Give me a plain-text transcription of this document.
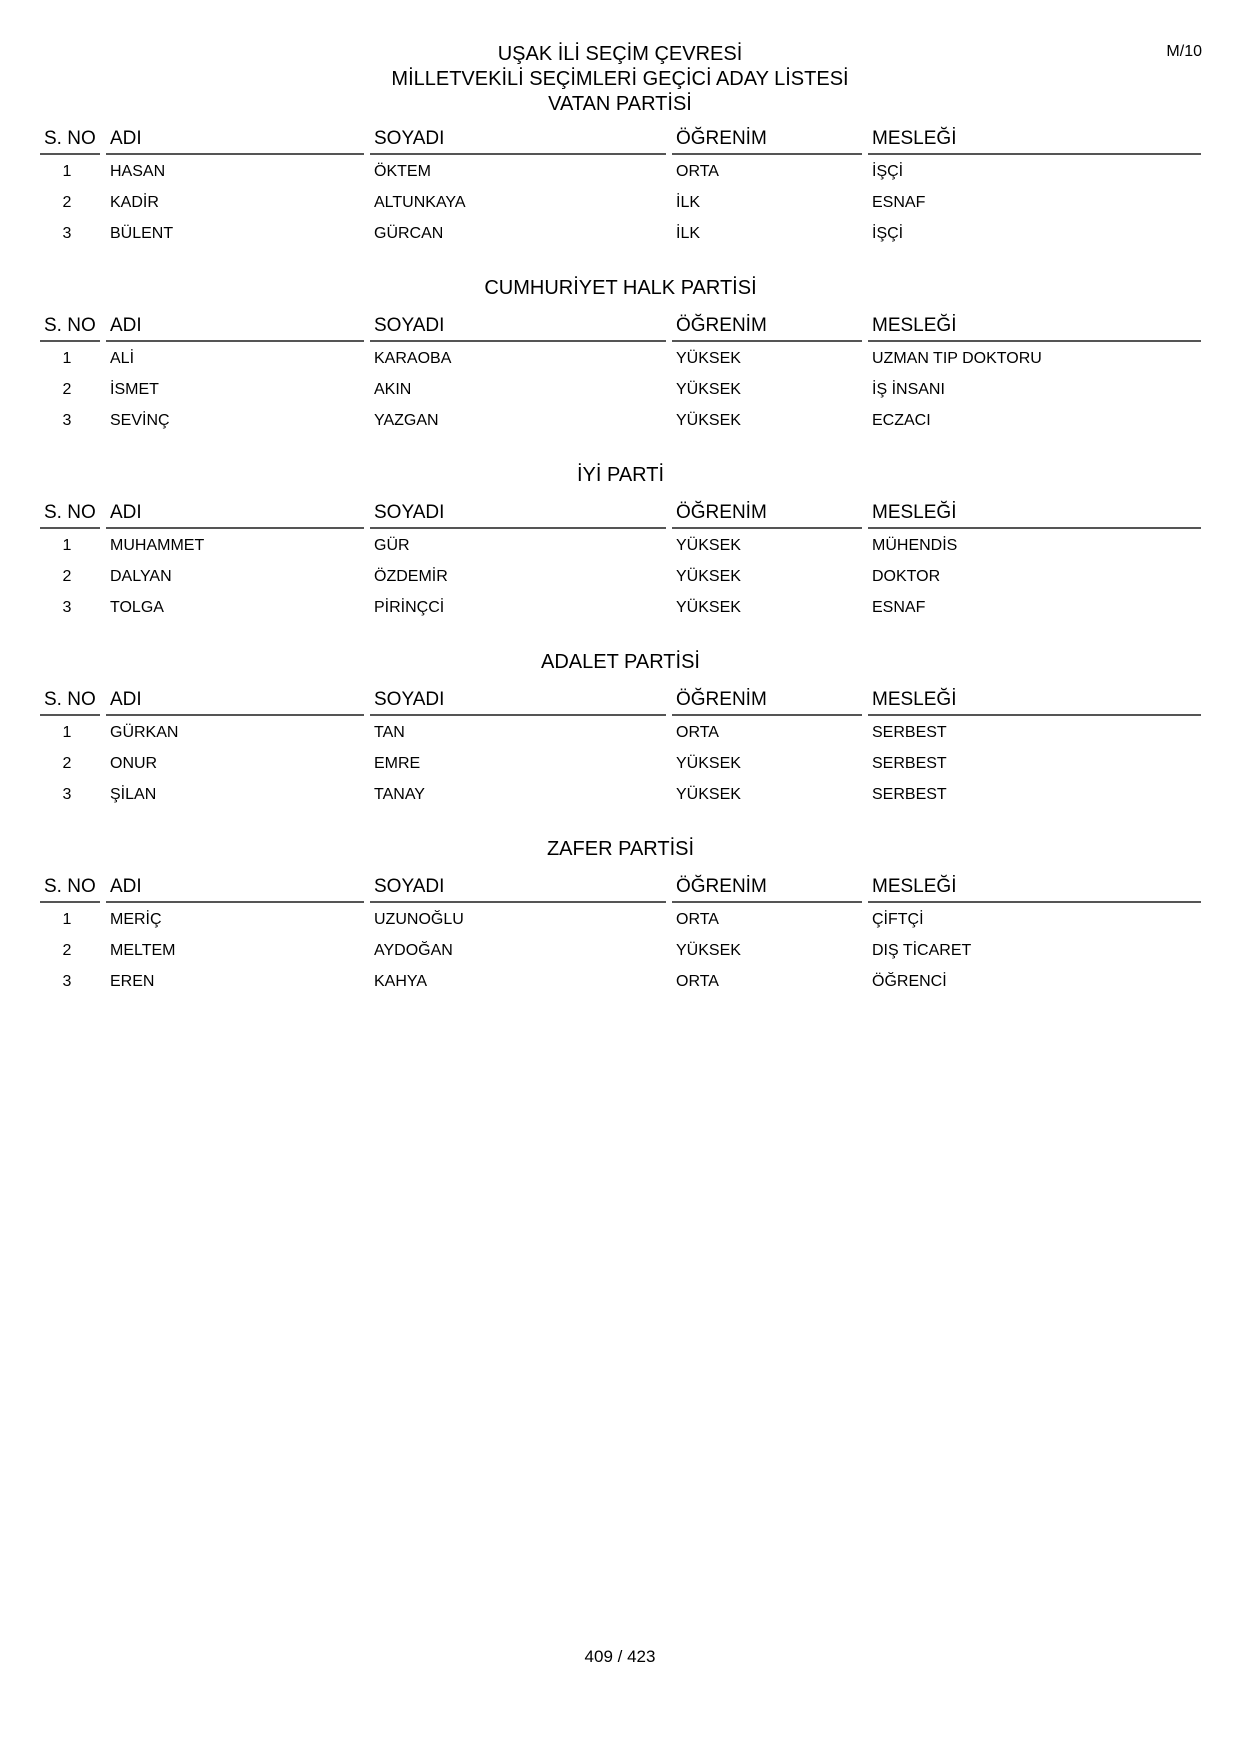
M/10
UŞAK İLİ SEÇİM ÇEVRESİ
MİLLETVEKİLİ SEÇİMLERİ GEÇİCİ ADAY LİSTESİ
VATAN PARTİSİ
S. NO ADI	SOYADI	ÖĞRENİM	MESLEĞİ
1	HASAN	ÖKTEM	ORTA	İŞÇİ
2	KADİR	ALTUNKAYA	İLK	ESNAF
3	BÜLENT	GÜRCAN	İLK	İŞÇİ
CUMHURİYET HALK PARTİSİ
S. NO ADI	SOYADI	ÖĞRENİM	MESLEĞİ
1	ALİ	KARAOBA	YÜKSEK	UZMAN TIP DOKTORU
2	İSMET	AKIN	YÜKSEK	İŞ İNSANI
3	SEVİNÇ	YAZGAN	YÜKSEK	ECZACI
İYİ PARTİ
S. NO ADI	SOYADI	ÖĞRENİM	MESLEĞİ
1	MUHAMMET	GÜR	YÜKSEK	MÜHENDİS
2	DALYAN	ÖZDEMİR	YÜKSEK	DOKTOR
3	TOLGA	PİRİNÇCİ	YÜKSEK	ESNAF
ADALET PARTİSİ
S. NO ADI	SOYADI	ÖĞRENİM	MESLEĞİ
1	GÜRKAN	TAN	ORTA	SERBEST
2	ONUR	EMRE	YÜKSEK	SERBEST
3	ŞİLAN	TANAY	YÜKSEK	SERBEST
ZAFER PARTİSİ
S. NO ADI	SOYADI	ÖĞRENİM	MESLEĞİ
1	MERİÇ	UZUNOĞLU	ORTA	ÇİFTÇİ
2	MELTEM	AYDOĞAN	YÜKSEK	DIŞ TİCARET
3	EREN	KAHYA	ORTA	ÖĞRENCİ
409 / 423
